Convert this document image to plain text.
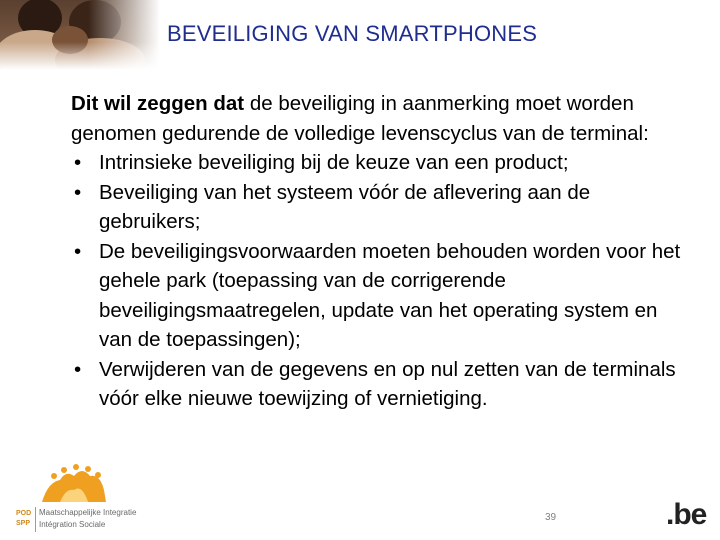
BEVEILIGING VAN SMARTPHONES

Dit wil zeggen dat de beveiliging in aanmerking moet worden genomen gedurende de volledige levenscyclus van de terminal:

• Intrinsieke beveiliging bij de keuze van een product;
• Beveiliging van het systeem vóór de aflevering aan de gebruikers;
• De beveiligingsvoorwaarden moeten behouden worden voor het gehele park (toepassing van de corrigerende beveiligingsmaatregelen, update van het operating system en van de toepassingen);
• Verwijderen van de gegevens en op nul zetten van de terminals vóór elke nieuwe toewijzing of vernietiging.
POD
SPP
Maatschappelijke Integratie
Intégration Sociale
39	.be
